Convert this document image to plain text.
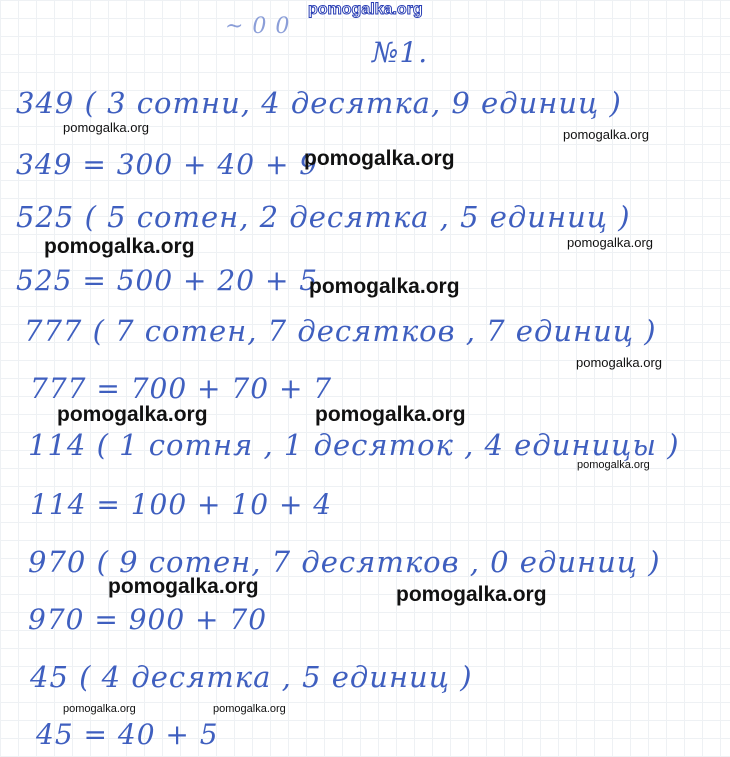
pomogalka.org
~ 0 0
№1.
349 ( 3 сотни, 4 десятка, 9 единиц )
349 = 300 + 40 + 9
525 ( 5 сотен, 2 десятка , 5 единиц )
525 = 500 + 20 + 5
777 ( 7 сотен, 7 десятков , 7 единиц )
777 = 700 + 70 + 7
114 ( 1 сотня , 1 десяток , 4 единицы )
114 = 100 + 10 + 4
970 ( 9 сотен, 7 десятков , 0 единиц )
970 = 900 + 70
45 ( 4 десятка , 5 единиц )
45 = 40 + 5
pomogalka.org	pomogalka.org
pomogalka.org
pomogalka.org	pomogalka.org
pomogalka.org
pomogalka.org
pomogalka.org	pomogalka.org
pomogalka.org
pomogalka.org	pomogalka.org
pomogalka.org	pomogalka.org
